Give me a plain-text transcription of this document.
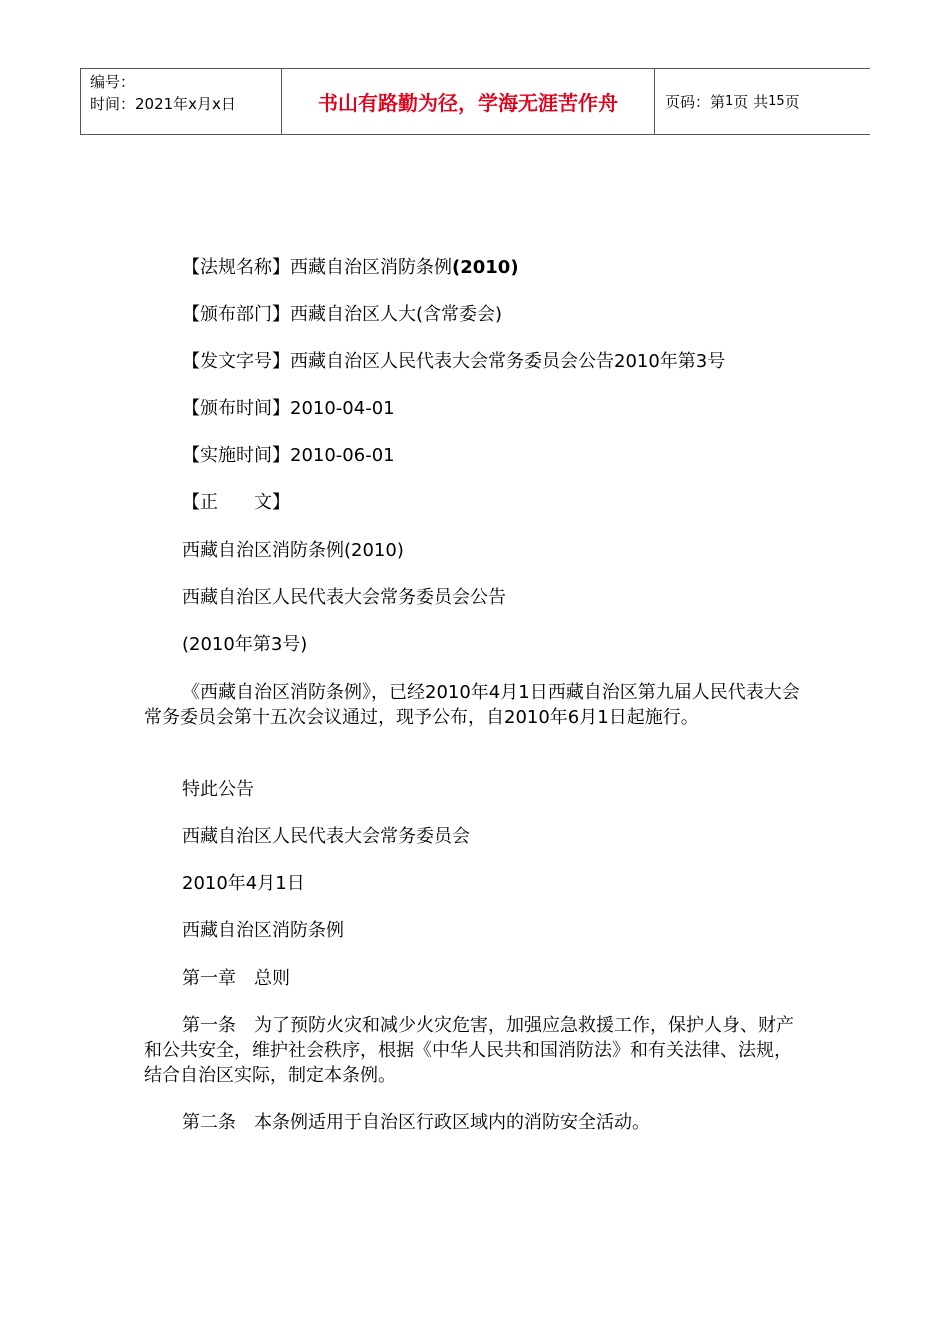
编号：
时间：2021年x月x日	书山有路勤为径，学海无涯苦作舟	页码：第 1 页 共 15 页
【法规名称】西藏自治区消防条例(2010)
【颁布部门】西藏自治区人大(含常委会)
【发文字号】西藏自治区人民代表大会常务委员会公告2010年第3号
【颁布时间】2010-04-01
【实施时间】2010-06-01
【正　　文】
西藏自治区消防条例(2010)
西藏自治区人民代表大会常务委员会公告
(2010年第3号)
《西藏自治区消防条例》，已经2010年4月1日西藏自治区第九届人民代表大会常务委员会第十五次会议通过，现予公布，自2010年6月1日起施行。
特此公告
西藏自治区人民代表大会常务委员会
2010年4月1日
西藏自治区消防条例
第一章　总则
第一条　为了预防火灾和减少火灾危害，加强应急救援工作，保护人身、财产和公共安全，维护社会秩序，根据《中华人民共和国消防法》和有关法律、法规，结合自治区实际，制定本条例。
第二条　本条例适用于自治区行政区域内的消防安全活动。
